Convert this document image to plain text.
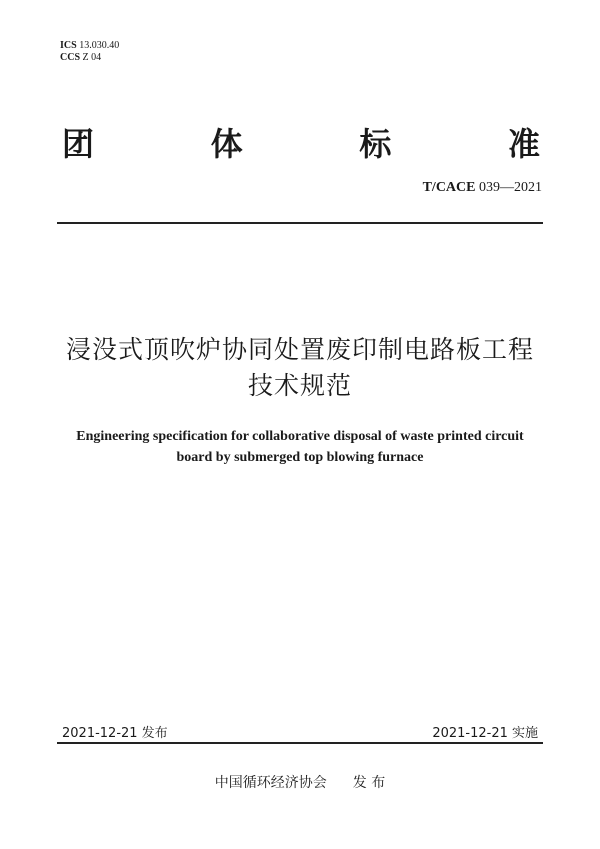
ICS 13.030.40
CCS Z 04
团	体	标	准
T/CACE 039—2021
浸没式顶吹炉协同处置废印制电路板工程
技术规范
Engineering specification for collaborative disposal of waste printed circuit
board by submerged top blowing furnace
2021-12-21 发布	2021-12-21 实施
中国循环经济协会 发 布
